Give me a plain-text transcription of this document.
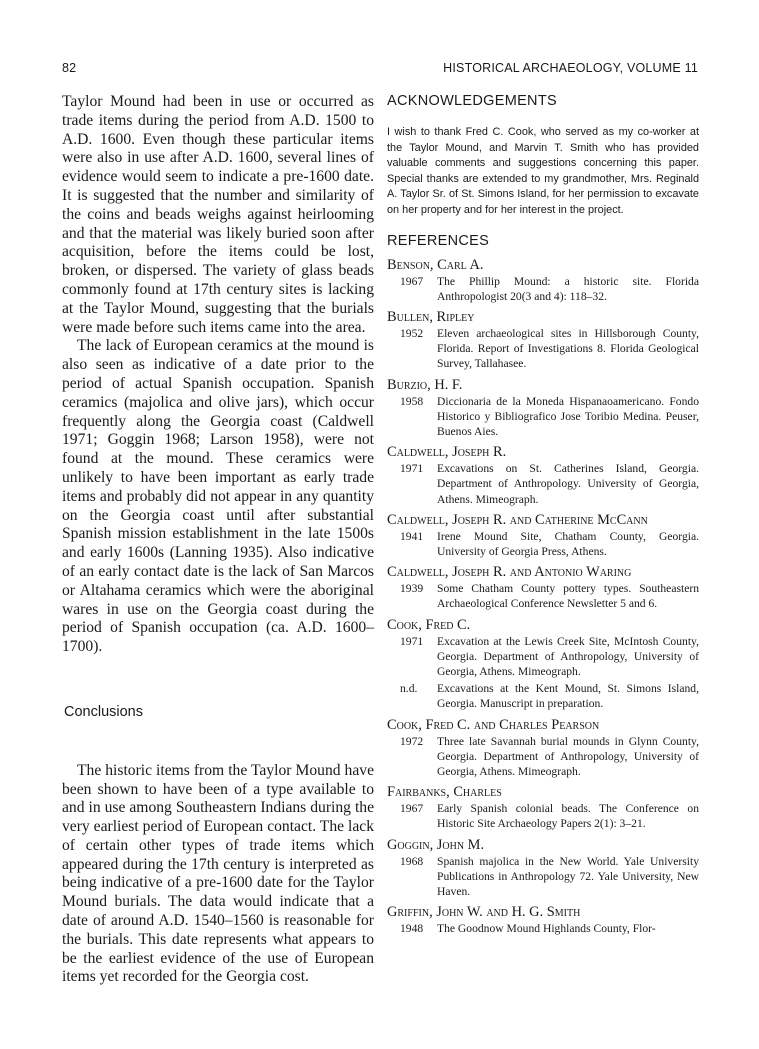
82	HISTORICAL ARCHAEOLOGY, VOLUME 11

Taylor Mound had been in use or occurred as trade items during the period from A.D. 1500 to A.D. 1600. Even though these particular items were also in use after A.D. 1600, several lines of evidence would seem to indicate a pre-1600 date. It is suggested that the number and similarity of the coins and beads weighs against heirlooming and that the material was likely buried soon after acquisition, before the items could be lost, broken, or dispersed. The variety of glass beads commonly found at 17th century sites is lacking at the Taylor Mound, suggesting that the burials were made before such items came into the area.

The lack of European ceramics at the mound is also seen as indicative of a date prior to the period of actual Spanish occupation. Spanish ceramics (majolica and olive jars), which occur frequently along the Georgia coast (Caldwell 1971; Goggin 1968; Larson 1958), were not found at the mound. These ceramics were unlikely to have been important as early trade items and probably did not appear in any quantity on the Georgia coast until after substantial Spanish mission establishment in the late 1500s and early 1600s (Lanning 1935). Also indicative of an early contact date is the lack of San Marcos or Altahama ceramics which were the aboriginal wares in use on the Georgia coast during the period of Spanish occupation (ca. A.D. 1600–1700).

Conclusions

The historic items from the Taylor Mound have been shown to have been of a type available to and in use among Southeastern Indians during the very earliest period of European contact. The lack of certain other types of trade items which appeared during the 17th century is interpreted as being indicative of a pre-1600 date for the Taylor Mound burials. The data would indicate that a date of around A.D. 1540–1560 is reasonable for the burials. This date represents what appears to be the earliest evidence of the use of European items yet recorded for the Georgia cost.

ACKNOWLEDGEMENTS

I wish to thank Fred C. Cook, who served as my co-worker at the Taylor Mound, and Marvin T. Smith who has provided valuable comments and suggestions concerning this paper. Special thanks are extended to my grandmother, Mrs. Reginald A. Taylor Sr. of St. Simons Island, for her permission to excavate on her property and for her interest in the project.

REFERENCES
Benson, Carl A.
1967 The Phillip Mound: a historic site. Florida Anthropologist 20(3 and 4): 118–32.
Bullen, Ripley
1952 Eleven archaeological sites in Hillsborough County, Florida. Report of Investigations 8. Florida Geological Survey, Tallahasee.
Burzio, H. F.
1958 Diccionaria de la Moneda Hispanaoamericano. Fondo Historico y Bibliografico Jose Toribio Medina. Peuser, Buenos Aies.
Caldwell, Joseph R.
1971 Excavations on St. Catherines Island, Georgia. Department of Anthropology. University of Georgia, Athens. Mimeograph.
Caldwell, Joseph R. and Catherine McCann
1941 Irene Mound Site, Chatham County, Georgia. University of Georgia Press, Athens.
Caldwell, Joseph R. and Antonio Waring
1939 Some Chatham County pottery types. Southeastern Archaeological Conference Newsletter 5 and 6.
Cook, Fred C.
1971 Excavation at the Lewis Creek Site, McIntosh County, Georgia. Department of Anthropology, University of Georgia, Athens. Mimeograph.
n.d. Excavations at the Kent Mound, St. Simons Island, Georgia. Manuscript in preparation.
Cook, Fred C. and Charles Pearson
1972 Three late Savannah burial mounds in Glynn County, Georgia. Department of Anthropology, University of Georgia, Athens. Mimeograph.
Fairbanks, Charles
1967 Early Spanish colonial beads. The Conference on Historic Site Archaeology Papers 2(1): 3–21.
Goggin, John M.
1968 Spanish majolica in the New World. Yale University Publications in Anthropology 72. Yale University, New Haven.
Griffin, John W. and H. G. Smith
1948 The Goodnow Mound Highlands County, Flor-
